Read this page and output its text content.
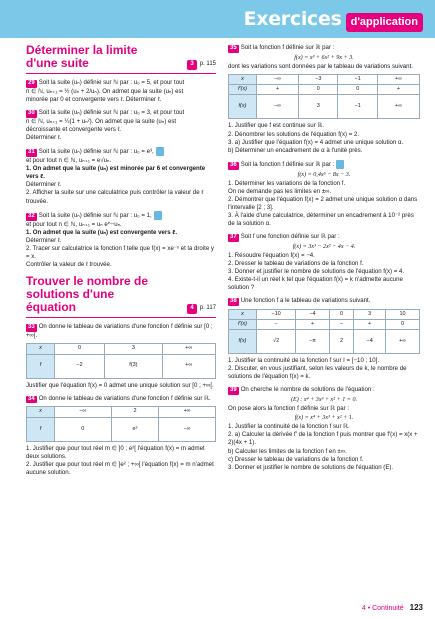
Exercices d'application
Déterminer la limite d'une suite	3	p. 115
29 Soit la suite (uₙ) définie sur ℕ par : u₀ = 5, et pour tout
n ∈ ℕ, uₙ₊₁ = ½ (uₙ + 2/uₙ). On admet que la suite (uₙ) est
minorée par 0 et convergente vers ℓ. Déterminer ℓ.
30 Soit la suite (uₙ) définie sur ℕ par : u₀ = 3, et pour tout
n ∈ ℕ, uₙ₊₁ = ¼(1 + uₙ²). On admet que la suite (uₙ) est
décroissante et convergente vers ℓ.
Déterminer ℓ.
31 Soit la suite (uₙ) définie sur ℕ par : u₀ = e³,
et pour tout n ∈ ℕ, uₙ₊₁ = e√uₙ.
1. On admet que la suite (uₙ) est minorée par 6 et convergente vers ℓ.
Déterminer ℓ.
2. Afficher la suite sur une calculatrice puis contrôler la valeur de ℓ trouvée.
32 Soit la suite (uₙ) définie sur ℕ par : u₀ = 1,
et pour tout n ∈ ℕ, uₙ₊₁ = uₙ e^−uₙ.
1. On admet que la suite (uₙ) est convergente vers ℓ.
Déterminer ℓ.
2. Tracer sur calculatrice la fonction f telle que f(x) = xe⁻ˣ et la droite y = x.
Contrôler la valeur de ℓ trouvée.
Trouver le nombre de solutions d'une équation	4	p. 117
33 On donne le tableau de variations d'une fonction f définie sur [0 ; +∞[.
x	0	3	+∞
f	−2	f(3)	+∞
Justifier que l'équation f(x) = 0 admet une unique solution sur [0 ; +∞[.
34 On donne le tableau de variations d'une fonction f définie sur ℝ.
x	−∞	2	+∞
f	0	e²	−∞
1. Justifier que pour tout réel m ∈ ]0 ; e²[ l'équation f(x) = m admet deux solutions.
2. Justifier que pour tout réel m ∈ ]e² ; +∞[ l'équation f(x) = m n'admet aucune solution.
35 Soit la fonction f définie sur ℝ par :
f(x) = x³ + 6x² + 9x + 3.
dont les variations sont données par le tableau de variations suivant.
x	−∞	−3	−1	+∞
f′(x)	+	0	0	+
f(x)	−∞	3	−1	+∞
1. Justifier que f est continue sur ℝ.
2. Dénombrer les solutions de l'équation f(x) = 2.
3. a) Justifier que l'équation f(x) = 4 admet une unique solution α.
b) Déterminer un encadrement de α à l'unité près.
36 Soit la fonction f définie sur ℝ par :
f(x) = 0,4x⁵ − 8x − 3.
1. Déterminer les variations de la fonction f.
On ne demande pas les limites en ±∞.
2. Démontrer que l'équation f(x) = 2 admet une unique solution α dans l'intervalle [2 ; 3].
3. À l'aide d'une calculatrice, déterminer un encadrement à 10⁻² près de la solution α.
37 Soit f une fonction définie sur ℝ par :
f(x) = 3x³ − 2x² − 4x − 4.
1. Résoudre l'équation f(x) = −4.
2. Dresser le tableau de variations de la fonction f.
3. Donner et justifier le nombre de solutions de l'équation f(x) = 4.
4. Existe-t-il un réel k tel que l'équation f(x) = k n'admette aucune solution ?
38 Une fonction f a le tableau de variations suivant.
x	−10	−4	0	3	10
f′(x)	−	+	−	+	0
f(x)	√2	−π	2	−4	+∞
1. Justifier la continuité de la fonction f sur I = [−10 ; 10].
2. Discuter, en vous justifiant, selon les valeurs de k, le nombre de solutions de l'équation f(x) = k.
39 On cherche le nombre de solutions de l'équation :
(E) : x⁴ + 3x³ + x² + 1 = 0.
On pose alors la fonction f définie sur ℝ par :
f(x) = x⁴ + 3x³ + x² + 1.
1. Justifier la continuité de la fonction f sur ℝ.
2. a) Calculer la dérivée f′ de la fonction f puis montrer que f′(x) = x(x + 2)(4x + 1).
b) Calculer les limites de la fonction f en ±∞.
c) Dresser le tableau de variations de la fonction f.
3. Donner et justifier le nombre de solutions de l'équation (E).
4 • Continuité 123
